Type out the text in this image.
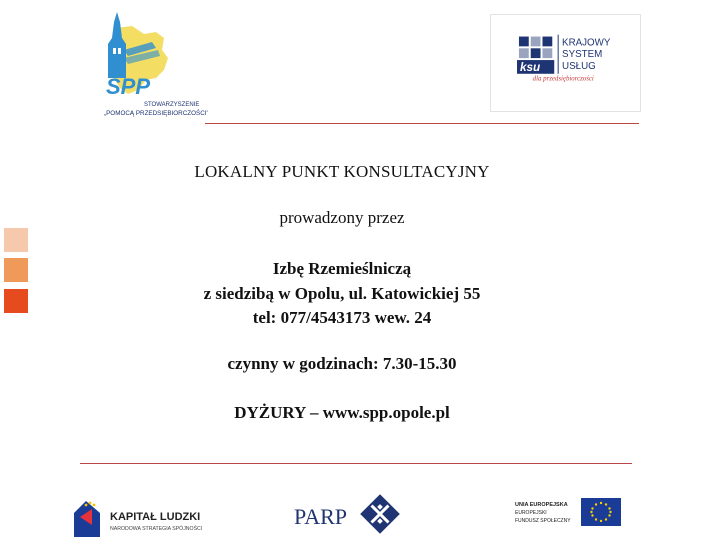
SPP
STOWARZYSZENIE
„POMOCĄ PRZEDSIĘBIORCZOŚCI"
ksu
KRAJOWY
SYSTEM
USŁUG
dla przedsiębiorczości
LOKALNY PUNKT KONSULTACYJNY
prowadzony przez
Izbę Rzemieślniczą
z siedzibą w Opolu, ul. Katowickiej 55
tel: 077/4543173 wew. 24
czynny w godzinach: 7.30-15.30
DYŻURY – www.spp.opole.pl
KAPITAŁ LUDZKI
NARODOWA STRATEGIA SPÓJNOŚCI	PARP	UNIA EUROPEJSKA
EUROPEJSKI
FUNDUSZ SPOŁECZNY
